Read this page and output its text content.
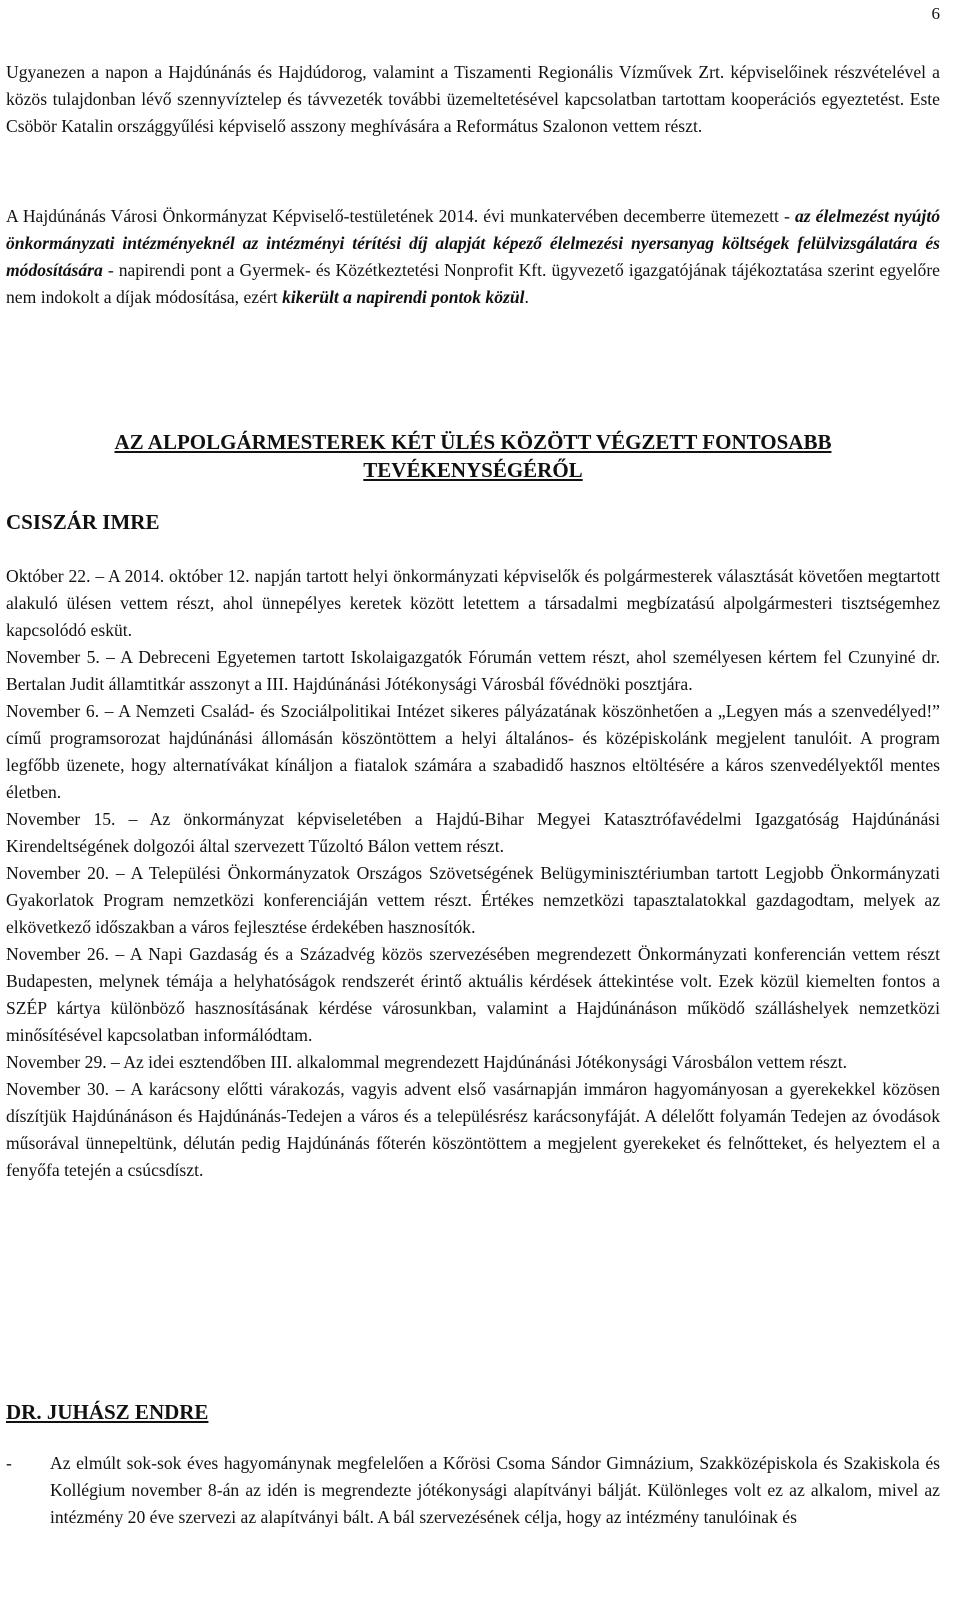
6

Ugyanezen a napon a Hajdúnánás és Hajdúdorog, valamint a Tiszamenti Regionális Vízművek Zrt. képviselőinek részvételével a közös tulajdonban lévő szennyvíztelep és távvezeték további üzemeltetésével kapcsolatban tartottam kooperációs egyeztetést. Este Csöbör Katalin országgyűlési képviselő asszony meghívására a Református Szalonon vettem részt.

A Hajdúnánás Városi Önkormányzat Képviselő-testületének 2014. évi munkatervében decemberre ütemezett - az élelmezést nyújtó önkormányzati intézményeknél az intézményi térítési díj alapját képező élelmezési nyersanyag költségek felülvizsgálatára és módosítására - napirendi pont a Gyermek- és Közétkeztetési Nonprofit Kft. ügyvezető igazgatójának tájékoztatása szerint egyelőre nem indokolt a díjak módosítása, ezért kikerült a napirendi pontok közül.

AZ ALPOLGÁRMESTEREK KÉT ÜLÉS KÖZÖTT VÉGZETT FONTOSABB
TEVÉKENYSÉGÉRŐL
CSISZÁR IMRE

Október 22. – A 2014. október 12. napján tartott helyi önkormányzati képviselők és polgármesterek választását követően megtartott alakuló ülésen vettem részt, ahol ünnepélyes keretek között letettem a társadalmi megbízatású alpolgármesteri tisztségemhez kapcsolódó esküt.

November 5. – A Debreceni Egyetemen tartott Iskolaigazgatók Fórumán vettem részt, ahol személyesen kértem fel Czunyiné dr. Bertalan Judit államtitkár asszonyt a III. Hajdúnánási Jótékonysági Városbál fővédnöki posztjára.

November 6. – A Nemzeti Család- és Szociálpolitikai Intézet sikeres pályázatának köszönhetően a „Legyen más a szenvedélyed!” című programsorozat hajdúnánási állomásán köszöntöttem a helyi általános- és középiskolánk megjelent tanulóit. A program legfőbb üzenete, hogy alternatívákat kínáljon a fiatalok számára a szabadidő hasznos eltöltésére a káros szenvedélyektől mentes életben.

November 15. – Az önkormányzat képviseletében a Hajdú-Bihar Megyei Katasztrófavédelmi Igazgatóság Hajdúnánási Kirendeltségének dolgozói által szervezett Tűzoltó Bálon vettem részt.

November 20. – A Települési Önkormányzatok Országos Szövetségének Belügyminisztériumban tartott Legjobb Önkormányzati Gyakorlatok Program nemzetközi konferenciáján vettem részt. Értékes nemzetközi tapasztalatokkal gazdagodtam, melyek az elkövetkező időszakban a város fejlesztése érdekében hasznosítók.

November 26. – A Napi Gazdaság és a Századvég közös szervezésében megrendezett Önkormányzati konferencián vettem részt Budapesten, melynek témája a helyhatóságok rendszerét érintő aktuális kérdések áttekintése volt. Ezek közül kiemelten fontos a SZÉP kártya különböző hasznosításának kérdése városunkban, valamint a Hajdúnánáson működő szálláshelyek nemzetközi minősítésével kapcsolatban informálódtam.

November 29. – Az idei esztendőben III. alkalommal megrendezett Hajdúnánási Jótékonysági Városbálon vettem részt.

November 30. – A karácsony előtti várakozás, vagyis advent első vasárnapján immáron hagyományosan a gyerekekkel közösen díszítjük Hajdúnánáson és Hajdúnánás-Tedejen a város és a településrész karácsonyfáját. A délelőtt folyamán Tedejen az óvodások műsorával ünnepeltünk, délután pedig Hajdúnánás főterén köszöntöttem a megjelent gyerekeket és felnőtteket, és helyeztem el a fenyőfa tetején a csúcsdíszt.

DR. JUHÁSZ ENDRE
-	Az elmúlt sok-sok éves hagyománynak megfelelően a Kőrösi Csoma Sándor Gimnázium, Szakközépiskola és Szakiskola és Kollégium november 8-án az idén is megrendezte jótékonysági alapítványi bálját. Különleges volt ez az alkalom, mivel az intézmény 20 éve szervezi az alapítványi bált. A bál szervezésének célja, hogy az intézmény tanulóinak és
